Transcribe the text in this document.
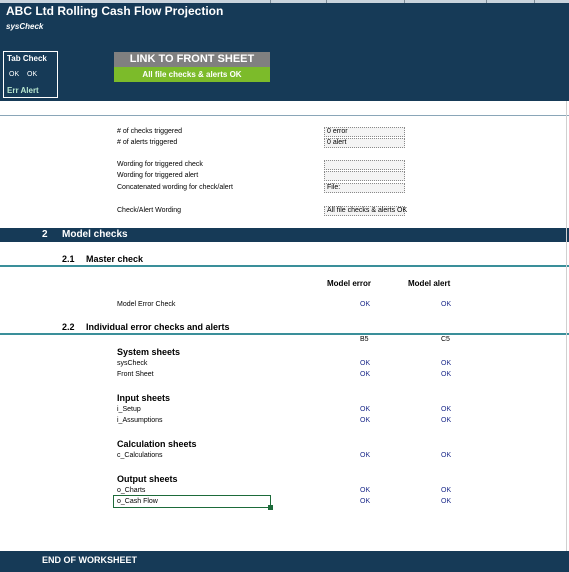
ABC Ltd Rolling Cash Flow Projection
sysCheck
Tab Check
OK OK
Err Alert
LINK TO FRONT SHEET
All file checks & alerts OK
# of checks triggered	0 error
# of alerts triggered	0 alert
Wording for triggered check
Wording for triggered alert
Concatenated wording for check/alert	File:
Check/Alert Wording	All file checks & alerts OK
2 Model checks
2.1 Master check
Model error	Model alert
Model Error Check	OK	OK
2.2 Individual error checks and alerts
B5	C5
System sheets
sysCheck	OK	OK
Front Sheet	OK	OK
Input sheets
i_Setup	OK	OK
i_Assumptions	OK	OK
Calculation sheets
c_Calculations	OK	OK
Output sheets
o_Charts	OK	OK
o_Cash Flow	OK	OK
END OF WORKSHEET
